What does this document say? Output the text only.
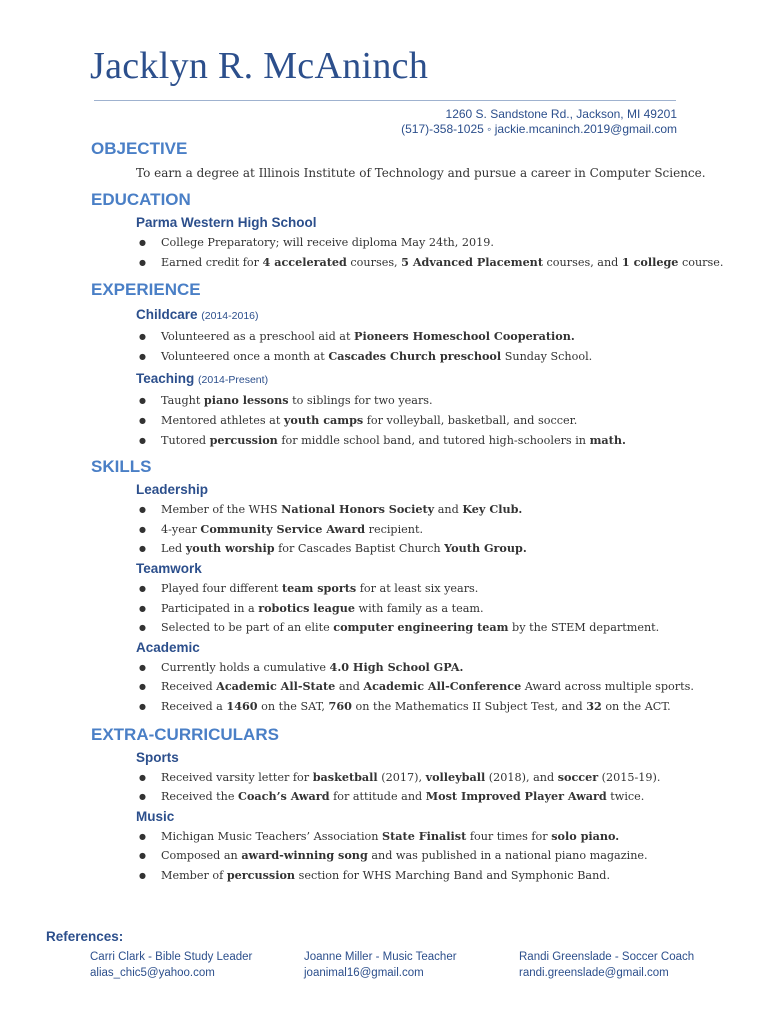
Jacklyn R. McAninch
1260 S. Sandstone Rd., Jackson, MI 49201
(517)-358-1025 ◦ jackie.mcaninch.2019@gmail.com
OBJECTIVE
To earn a degree at Illinois Institute of Technology and pursue a career in Computer Science.
EDUCATION
Parma Western High School
● College Preparatory; will receive diploma May 24th, 2019.
● Earned credit for 4 accelerated courses, 5 Advanced Placement courses, and 1 college course.
EXPERIENCE
Childcare (2014-2016)
● Volunteered as a preschool aid at Pioneers Homeschool Cooperation.
● Volunteered once a month at Cascades Church preschool Sunday School.
Teaching (2014-Present)
● Taught piano lessons to siblings for two years.
● Mentored athletes at youth camps for volleyball, basketball, and soccer.
● Tutored percussion for middle school band, and tutored high-schoolers in math.
SKILLS
Leadership
● Member of the WHS National Honors Society and Key Club.
● 4-year Community Service Award recipient.
● Led youth worship for Cascades Baptist Church Youth Group.
Teamwork
● Played four different team sports for at least six years.
● Participated in a robotics league with family as a team.
● Selected to be part of an elite computer engineering team by the STEM department.
Academic
● Currently holds a cumulative 4.0 High School GPA.
● Received Academic All-State and Academic All-Conference Award across multiple sports.
● Received a 1460 on the SAT, 760 on the Mathematics II Subject Test, and 32 on the ACT.
EXTRA-CURRICULARS
Sports
● Received varsity letter for basketball (2017), volleyball (2018), and soccer (2015-19).
● Received the Coach’s Award for attitude and Most Improved Player Award twice.
Music
● Michigan Music Teachers’ Association State Finalist four times for solo piano.
● Composed an award-winning song and was published in a national piano magazine.
● Member of percussion section for WHS Marching Band and Symphonic Band.
References:
Carri Clark - Bible Study Leader
alias_chic5@yahoo.com
Joanne Miller - Music Teacher
joanimal16@gmail.com
Randi Greenslade - Soccer Coach
randi.greenslade@gmail.com
